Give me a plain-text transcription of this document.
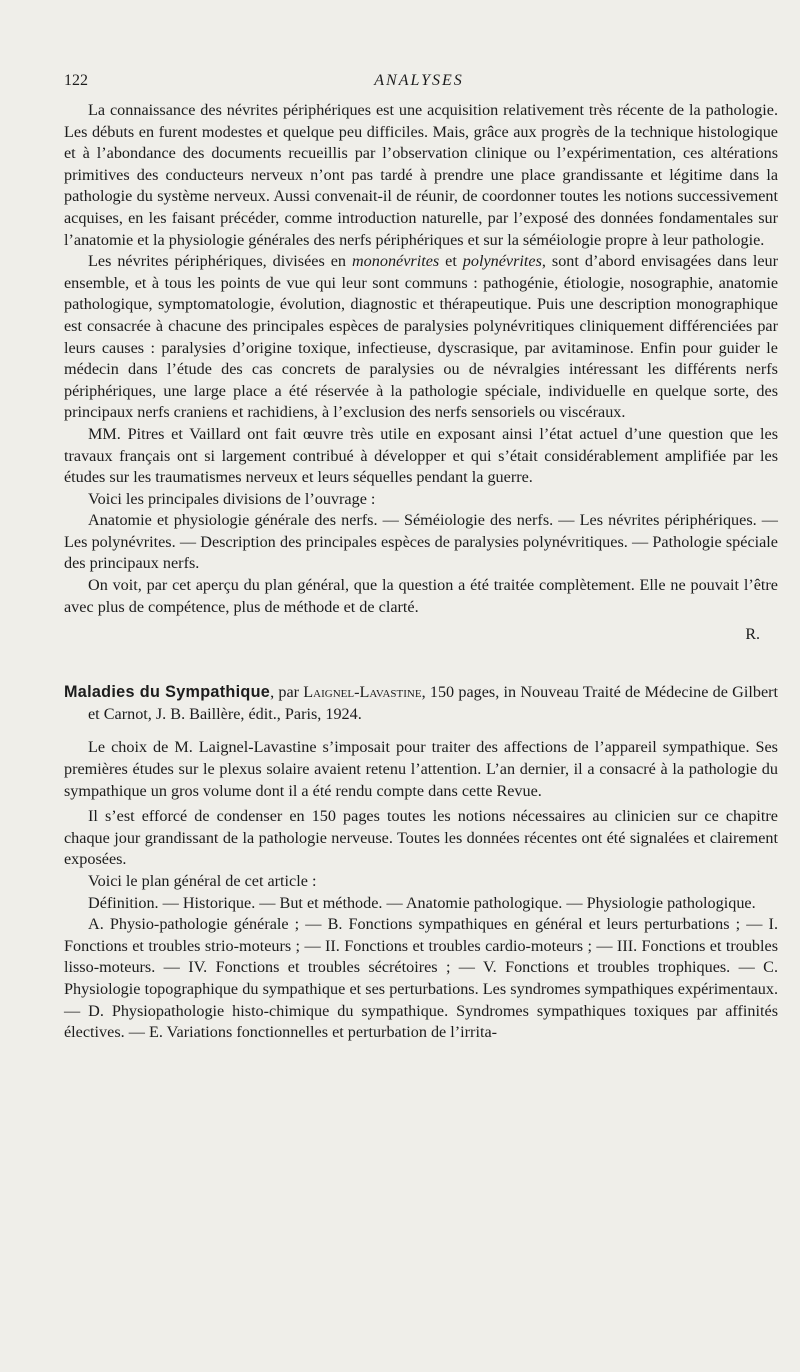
122	ANALYSES

La connaissance des névrites périphériques est une acquisition relativement très récente de la pathologie. Les débuts en furent modestes et quelque peu difficiles. Mais, grâce aux progrès de la technique histologique et à l’abondance des documents recueillis par l’observation clinique ou l’expérimentation, ces altérations primitives des conducteurs nerveux n’ont pas tardé à prendre une place grandissante et légitime dans la pathologie du système nerveux. Aussi convenait-il de réunir, de coordonner toutes les notions successivement acquises, en les faisant précéder, comme introduction naturelle, par l’exposé des données fondamentales sur l’anatomie et la physiologie générales des nerfs périphériques et sur la séméiologie propre à leur pathologie.

Les névrites périphériques, divisées en mononévrites et polynévrites, sont d’abord envisagées dans leur ensemble, et à tous les points de vue qui leur sont communs : pathogénie, étiologie, nosographie, anatomie pathologique, symptomatologie, évolution, diagnostic et thérapeutique. Puis une description monographique est consacrée à chacune des principales espèces de paralysies polynévritiques cliniquement différenciées par leurs causes : paralysies d’origine toxique, infectieuse, dyscrasique, par avitaminose. Enfin pour guider le médecin dans l’étude des cas concrets de paralysies ou de névralgies intéressant les différents nerfs périphériques, une large place a été réservée à la pathologie spéciale, individuelle en quelque sorte, des principaux nerfs craniens et rachidiens, à l’exclusion des nerfs sensoriels ou viscéraux.

MM. Pitres et Vaillard ont fait œuvre très utile en exposant ainsi l’état actuel d’une question que les travaux français ont si largement contribué à développer et qui s’était considérablement amplifiée par les études sur les traumatismes nerveux et leurs séquelles pendant la guerre.

Voici les principales divisions de l’ouvrage :

Anatomie et physiologie générale des nerfs. — Séméiologie des nerfs. — Les névrites périphériques. — Les polynévrites. — Description des principales espèces de paralysies polynévritiques. — Pathologie spéciale des principaux nerfs.

On voit, par cet aperçu du plan général, que la question a été traitée complètement. Elle ne pouvait l’être avec plus de compétence, plus de méthode et de clarté.

R.

Maladies du Sympathique, par Laignel-Lavastine, 150 pages, in Nouveau Traité de Médecine de Gilbert et Carnot, J. B. Baillère, édit., Paris, 1924.

Le choix de M. Laignel-Lavastine s’imposait pour traiter des affections de l’appareil sympathique. Ses premières études sur le plexus solaire avaient retenu l’attention. L’an dernier, il a consacré à la pathologie du sympathique un gros volume dont il a été rendu compte dans cette Revue.

Il s’est efforcé de condenser en 150 pages toutes les notions nécessaires au clinicien sur ce chapitre chaque jour grandissant de la pathologie nerveuse. Toutes les données récentes ont été signalées et clairement exposées.

Voici le plan général de cet article :

Définition. — Historique. — But et méthode. — Anatomie pathologique. — Physiologie pathologique.

A. Physio-pathologie générale ; — B. Fonctions sympathiques en général et leurs perturbations ; — I. Fonctions et troubles strio-moteurs ; — II. Fonctions et troubles cardio-moteurs ; — III. Fonctions et troubles lisso-moteurs. — IV. Fonctions et troubles sécrétoires ; — V. Fonctions et troubles trophiques. — C. Physiologie topographique du sympathique et ses perturbations. Les syndromes sympathiques expérimentaux. — D. Physiopathologie histo-chimique du sympathique. Syndromes sympathiques toxiques par affinités électives. — E. Variations fonctionnelles et perturbation de l’irrita-
